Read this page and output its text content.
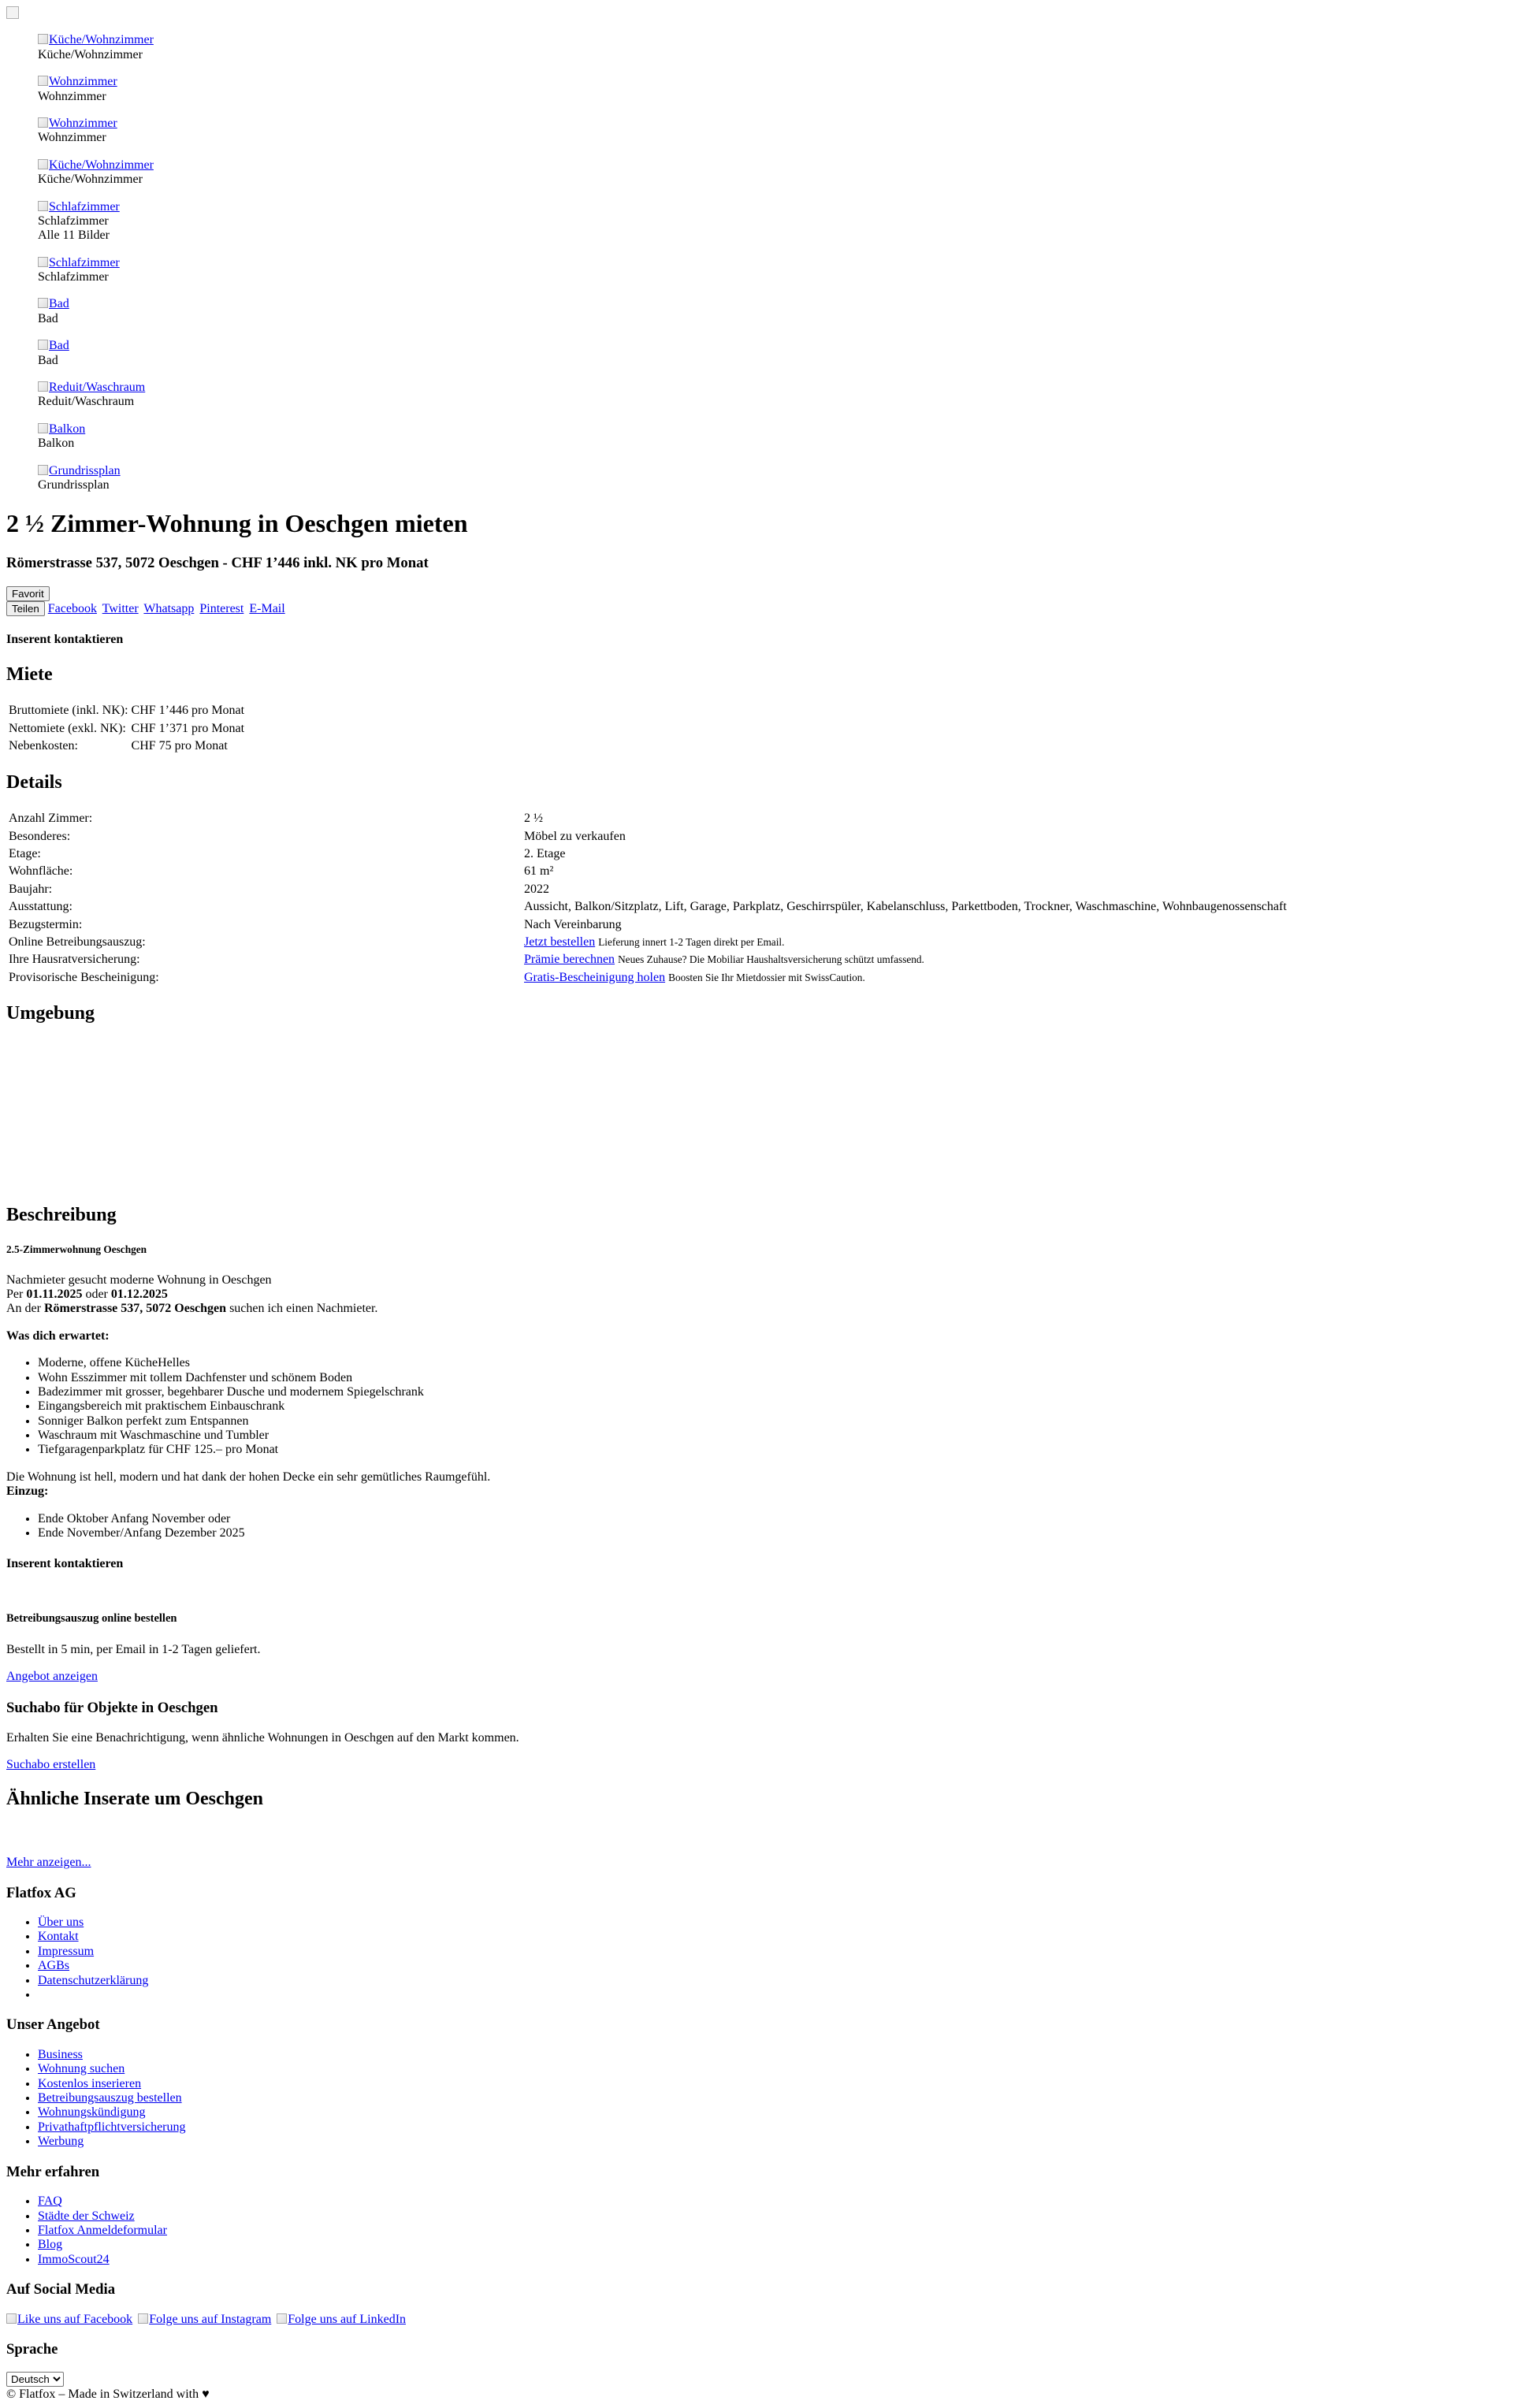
Küche/Wohnzimmer
Küche/Wohnzimmer
Wohnzimmer
Wohnzimmer
Wohnzimmer
Wohnzimmer
Küche/Wohnzimmer
Küche/Wohnzimmer
Schlafzimmer
Schlafzimmer
Alle 11 Bilder
Schlafzimmer
Schlafzimmer
Bad
Bad
Bad
Bad
Reduit/Waschraum
Reduit/Waschraum
Balkon
Balkon
Grundrissplan
Grundrissplan
2 ½ Zimmer-Wohnung in Oeschgen mieten
Römerstrasse 537, 5072 Oeschgen - CHF 1’446 inkl. NK pro Monat
Favorit
Teilen Facebook Twitter Whatsapp Pinterest E-Mail
Inserent kontaktieren
Miete
Bruttomiete (inkl. NK):	CHF 1’446 pro Monat
Nettomiete (exkl. NK):	CHF 1’371 pro Monat
Nebenkosten:	CHF 75 pro Monat
Details
Anzahl Zimmer:	2 ½
Besonderes:	Möbel zu verkaufen
Etage:	2. Etage
Wohnfläche:	61 m²
Baujahr:	2022
Ausstattung:	Aussicht, Balkon/Sitzplatz, Lift, Garage, Parkplatz, Geschirrspüler, Kabelanschluss, Parkettboden, Trockner, Waschmaschine, Wohnbaugenossenschaft
Bezugstermin:	Nach Vereinbarung
Online Betreibungsauszug:	Jetzt bestellen Lieferung innert 1-2 Tagen direkt per Email.
Ihre Hausratversicherung:	Prämie berechnen Neues Zuhause? Die Mobiliar Haushaltsversicherung schützt umfassend.
Provisorische Bescheinigung:	Gratis-Bescheinigung holen Boosten Sie Ihr Mietdossier mit SwissCaution.
Umgebung
Beschreibung
2.5-Zimmerwohnung Oeschgen
Nachmieter gesucht moderne Wohnung in Oeschgen
Per 01.11.2025 oder 01.12.2025
An der Römerstrasse 537, 5072 Oeschgen suchen ich einen Nachmieter.
Was dich erwartet:
• Moderne, offene KücheHelles
• Wohn Esszimmer mit tollem Dachfenster und schönem Boden
• Badezimmer mit grosser, begehbarer Dusche und modernem Spiegelschrank
• Eingangsbereich mit praktischem Einbauschrank
• Sonniger Balkon perfekt zum Entspannen
• Waschraum mit Waschmaschine und Tumbler
• Tiefgaragenparkplatz für CHF 125.– pro Monat
Die Wohnung ist hell, modern und hat dank der hohen Decke ein sehr gemütliches Raumgefühl.
Einzug:
• Ende Oktober Anfang November oder
• Ende November/Anfang Dezember 2025
Inserent kontaktieren
Betreibungsauszug online bestellen

Bestellt in 5 min, per Email in 1-2 Tagen geliefert.

Angebot anzeigen
Suchabo für Objekte in Oeschgen

Erhalten Sie eine Benachrichtigung, wenn ähnliche Wohnungen in Oeschgen auf den Markt kommen.

Suchabo erstellen
Ähnliche Inserate um Oeschgen
Mehr anzeigen...
Flatfox AG
• Über uns
• Kontakt
• Impressum
• AGBs
• Datenschutzerklärung
•
Unser Angebot
• Business
• Wohnung suchen
• Kostenlos inserieren
• Betreibungsauszug bestellen
• Wohnungskündigung
• Privathaftpflichtversicherung
• Werbung
Mehr erfahren
• FAQ
• Städte der Schweiz
• Flatfox Anmeldeformular
• Blog
• ImmoScout24
Auf Social Media
Like uns auf Facebook Folge uns auf Instagram Folge uns auf LinkedIn
Sprache
Deutsch
© Flatfox – Made in Switzerland with ♥
